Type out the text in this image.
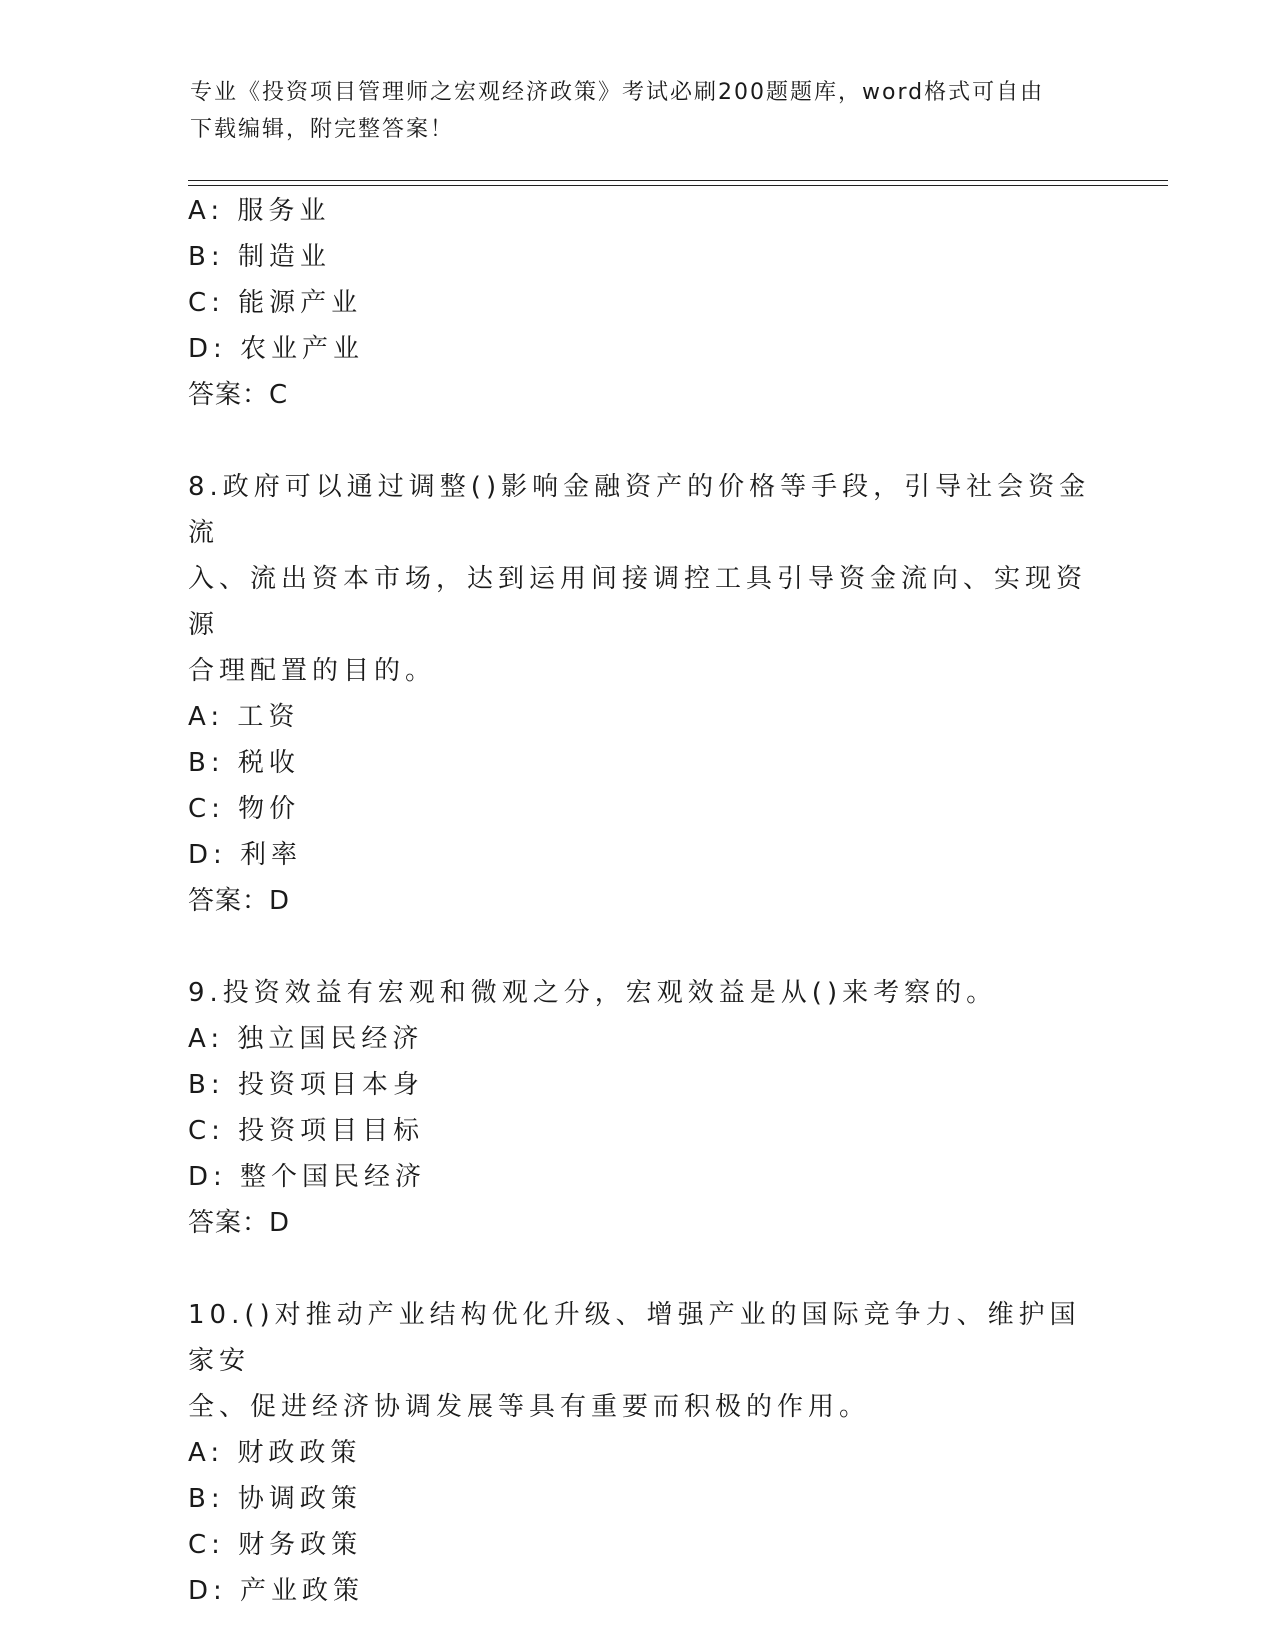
专业《投资项目管理师之宏观经济政策》考试必刷200题题库，word格式可自由
下载编辑，附完整答案！
A: 服务业
B: 制造业
C: 能源产业
D: 农业产业
答案：C
8.政府可以通过调整()影响金融资产的价格等手段，引导社会资金流
入、流出资本市场，达到运用间接调控工具引导资金流向、实现资源
合理配置的目的。
A: 工资
B: 税收
C: 物价
D: 利率
答案：D
9.投资效益有宏观和微观之分，宏观效益是从()来考察的。
A: 独立国民经济
B: 投资项目本身
C: 投资项目目标
D: 整个国民经济
答案：D
10.()对推动产业结构优化升级、增强产业的国际竞争力、维护国家安
全、促进经济协调发展等具有重要而积极的作用。
A: 财政政策
B: 协调政策
C: 财务政策
D: 产业政策
